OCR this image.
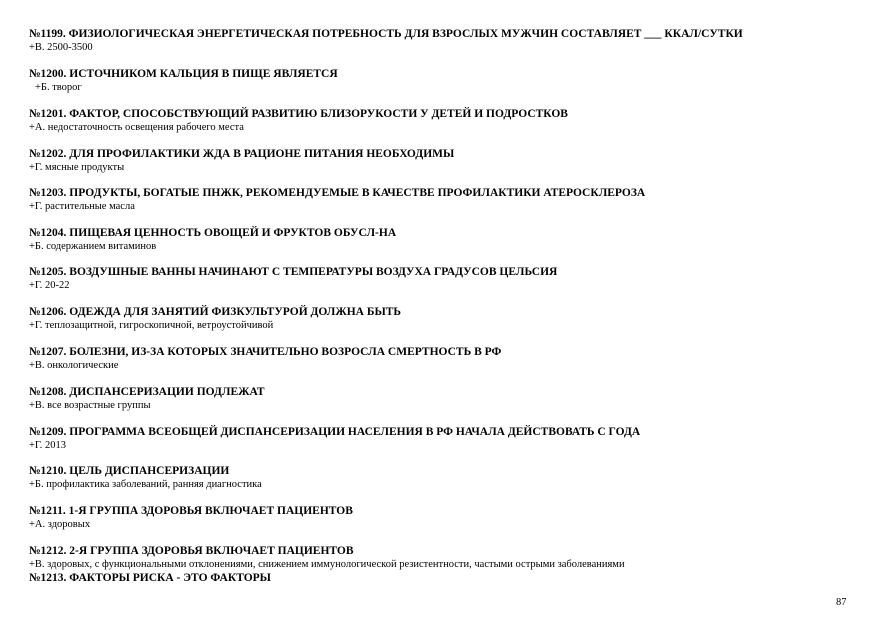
№1199. ФИЗИОЛОГИЧЕСКАЯ ЭНЕРГЕТИЧЕСКАЯ ПОТРЕБНОСТЬ ДЛЯ ВЗРОСЛЫХ МУЖЧИН СОСТАВЛЯЕТ ___ ККАЛ/СУТКИ
+В. 2500-3500
№1200. ИСТОЧНИКОМ КАЛЬЦИЯ В ПИЩЕ ЯВЛЯЕТСЯ
+Б. творог
№1201. ФАКТОР, СПОСОБСТВУЮЩИЙ РАЗВИТИЮ БЛИЗОРУКОСТИ У ДЕТЕЙ И ПОДРОСТКОВ
+А. недостаточность освещения рабочего места
№1202. ДЛЯ ПРОФИЛАКТИКИ ЖДА В РАЦИОНЕ ПИТАНИЯ НЕОБХОДИМЫ
+Г. мясные продукты
№1203. ПРОДУКТЫ, БОГАТЫЕ ПНЖК, РЕКОМЕНДУЕМЫЕ В КАЧЕСТВЕ ПРОФИЛАКТИКИ АТЕРОСКЛЕРОЗА
+Г. растительные масла
№1204. ПИЩЕВАЯ ЦЕННОСТЬ ОВОЩЕЙ И ФРУКТОВ ОБУСЛ-НА
+Б. содержанием витаминов
№1205. ВОЗДУШНЫЕ ВАННЫ НАЧИНАЮТ С ТЕМПЕРАТУРЫ ВОЗДУХА ГРАДУСОВ ЦЕЛЬСИЯ
+Г. 20-22
№1206. ОДЕЖДА ДЛЯ ЗАНЯТИЙ ФИЗКУЛЬТУРОЙ ДОЛЖНА БЫТЬ
+Г. теплозащитной, гигроскопичной, ветроустойчивой
№1207. БОЛЕЗНИ, ИЗ-ЗА КОТОРЫХ ЗНАЧИТЕЛЬНО ВОЗРОСЛА СМЕРТНОСТЬ В РФ
+В. онкологические
№1208. ДИСПАНСЕРИЗАЦИИ ПОДЛЕЖАТ
+В. все возрастные группы
№1209. ПРОГРАММА ВСЕОБЩЕЙ ДИСПАНСЕРИЗАЦИИ НАСЕЛЕНИЯ В РФ НАЧАЛА ДЕЙСТВОВАТЬ С ГОДА
+Г. 2013
№1210. ЦЕЛЬ ДИСПАНСЕРИЗАЦИИ
+Б. профилактика заболеваний, ранняя диагностика
№1211. 1-Я ГРУППА ЗДОРОВЬЯ ВКЛЮЧАЕТ ПАЦИЕНТОВ
+А. здоровых
№1212. 2-Я ГРУППА ЗДОРОВЬЯ ВКЛЮЧАЕТ ПАЦИЕНТОВ
+В. здоровых, с функциональными отклонениями, снижением иммунологической резистентности, частыми острыми заболеваниями
№1213. ФАКТОРЫ РИСКА - ЭТО ФАКТОРЫ
87
